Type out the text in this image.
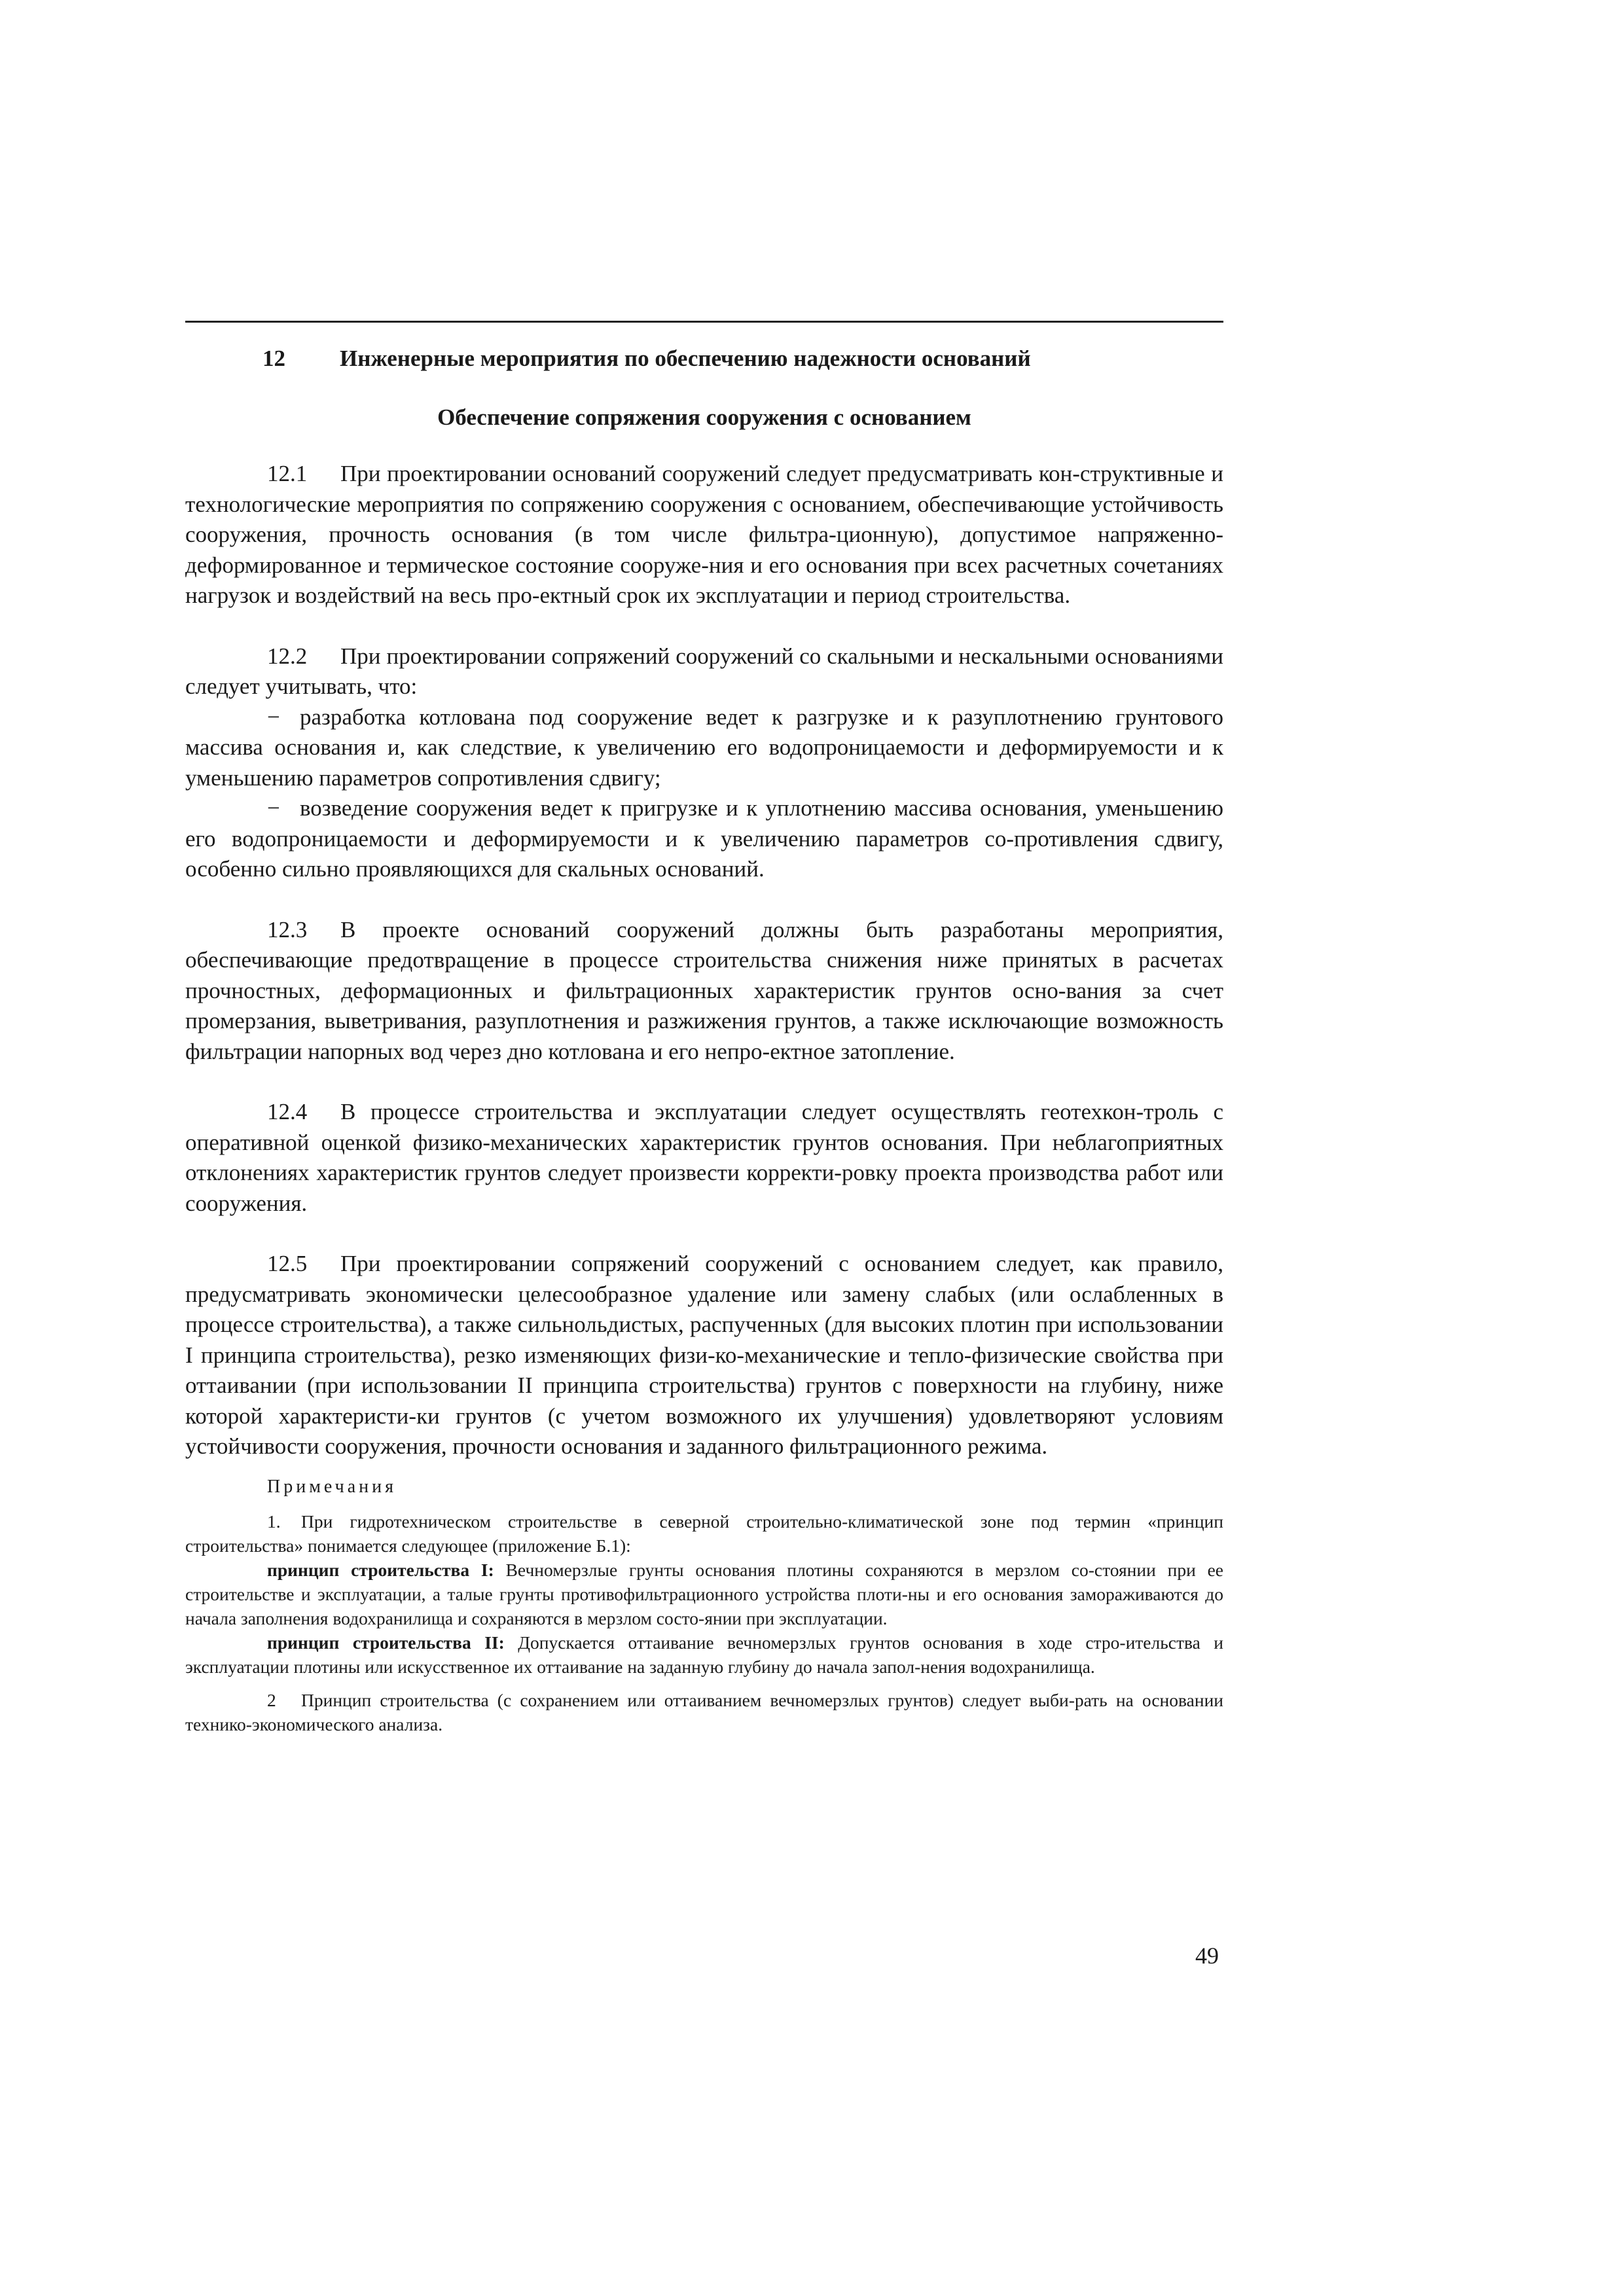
12 Инженерные мероприятия по обеспечению надежности оснований
Обеспечение сопряжения сооружения с основанием

12.1 При проектировании оснований сооружений следует предусматривать кон-структивные и технологические мероприятия по сопряжению сооружения с основанием, обеспечивающие устойчивость сооружения, прочность основания (в том числе фильтра-ционную), допустимое напряженно-деформированное и термическое состояние сооруже-ния и его основания при всех расчетных сочетаниях нагрузок и воздействий на весь про-ектный срок их эксплуатации и период строительства.

12.2 При проектировании сопряжений сооружений со скальными и нескальными основаниями следует учитывать, что:

− разработка котлована под сооружение ведет к разгрузке и к разуплотнению грунтового массива основания и, как следствие, к увеличению его водопроницаемости и деформируемости и к уменьшению параметров сопротивления сдвигу;

− возведение сооружения ведет к пригрузке и к уплотнению массива основания, уменьшению его водопроницаемости и деформируемости и к увеличению параметров со-противления сдвигу, особенно сильно проявляющихся для скальных оснований.

12.3 В проекте оснований сооружений должны быть разработаны мероприятия, обеспечивающие предотвращение в процессе строительства снижения ниже принятых в расчетах прочностных, деформационных и фильтрационных характеристик грунтов осно-вания за счет промерзания, выветривания, разуплотнения и разжижения грунтов, а также исключающие возможность фильтрации напорных вод через дно котлована и его непро-ектное затопление.

12.4 В процессе строительства и эксплуатации следует осуществлять геотехкон-троль с оперативной оценкой физико-механических характеристик грунтов основания. При неблагоприятных отклонениях характеристик грунтов следует произвести корректи-ровку проекта производства работ или сооружения.

12.5 При проектировании сопряжений сооружений с основанием следует, как правило, предусматривать экономически целесообразное удаление или замену слабых (или ослабленных в процессе строительства), а также сильнольдистых, распученных (для высоких плотин при использовании I принципа строительства), резко изменяющих физи-ко-механические и тепло-физические свойства при оттаивании (при использовании II принципа строительства) грунтов с поверхности на глубину, ниже которой характеристи-ки грунтов (с учетом возможного их улучшения) удовлетворяют условиям устойчивости сооружения, прочности основания и заданного фильтрационного режима.

Примечания

1. При гидротехническом строительстве в северной строительно-климатической зоне под термин «принцип строительства» понимается следующее (приложение Б.1):

принцип строительства I: Вечномерзлые грунты основания плотины сохраняются в мерзлом со-стоянии при ее строительстве и эксплуатации, а талые грунты противофильтрационного устройства плоти-ны и его основания замораживаются до начала заполнения водохранилища и сохраняются в мерзлом состо-янии при эксплуатации.

принцип строительства II: Допускается оттаивание вечномерзлых грунтов основания в ходе стро-ительства и эксплуатации плотины или искусственное их оттаивание на заданную глубину до начала запол-нения водохранилища.

2 Принцип строительства (с сохранением или оттаиванием вечномерзлых грунтов) следует выби-рать на основании технико-экономического анализа.

49
